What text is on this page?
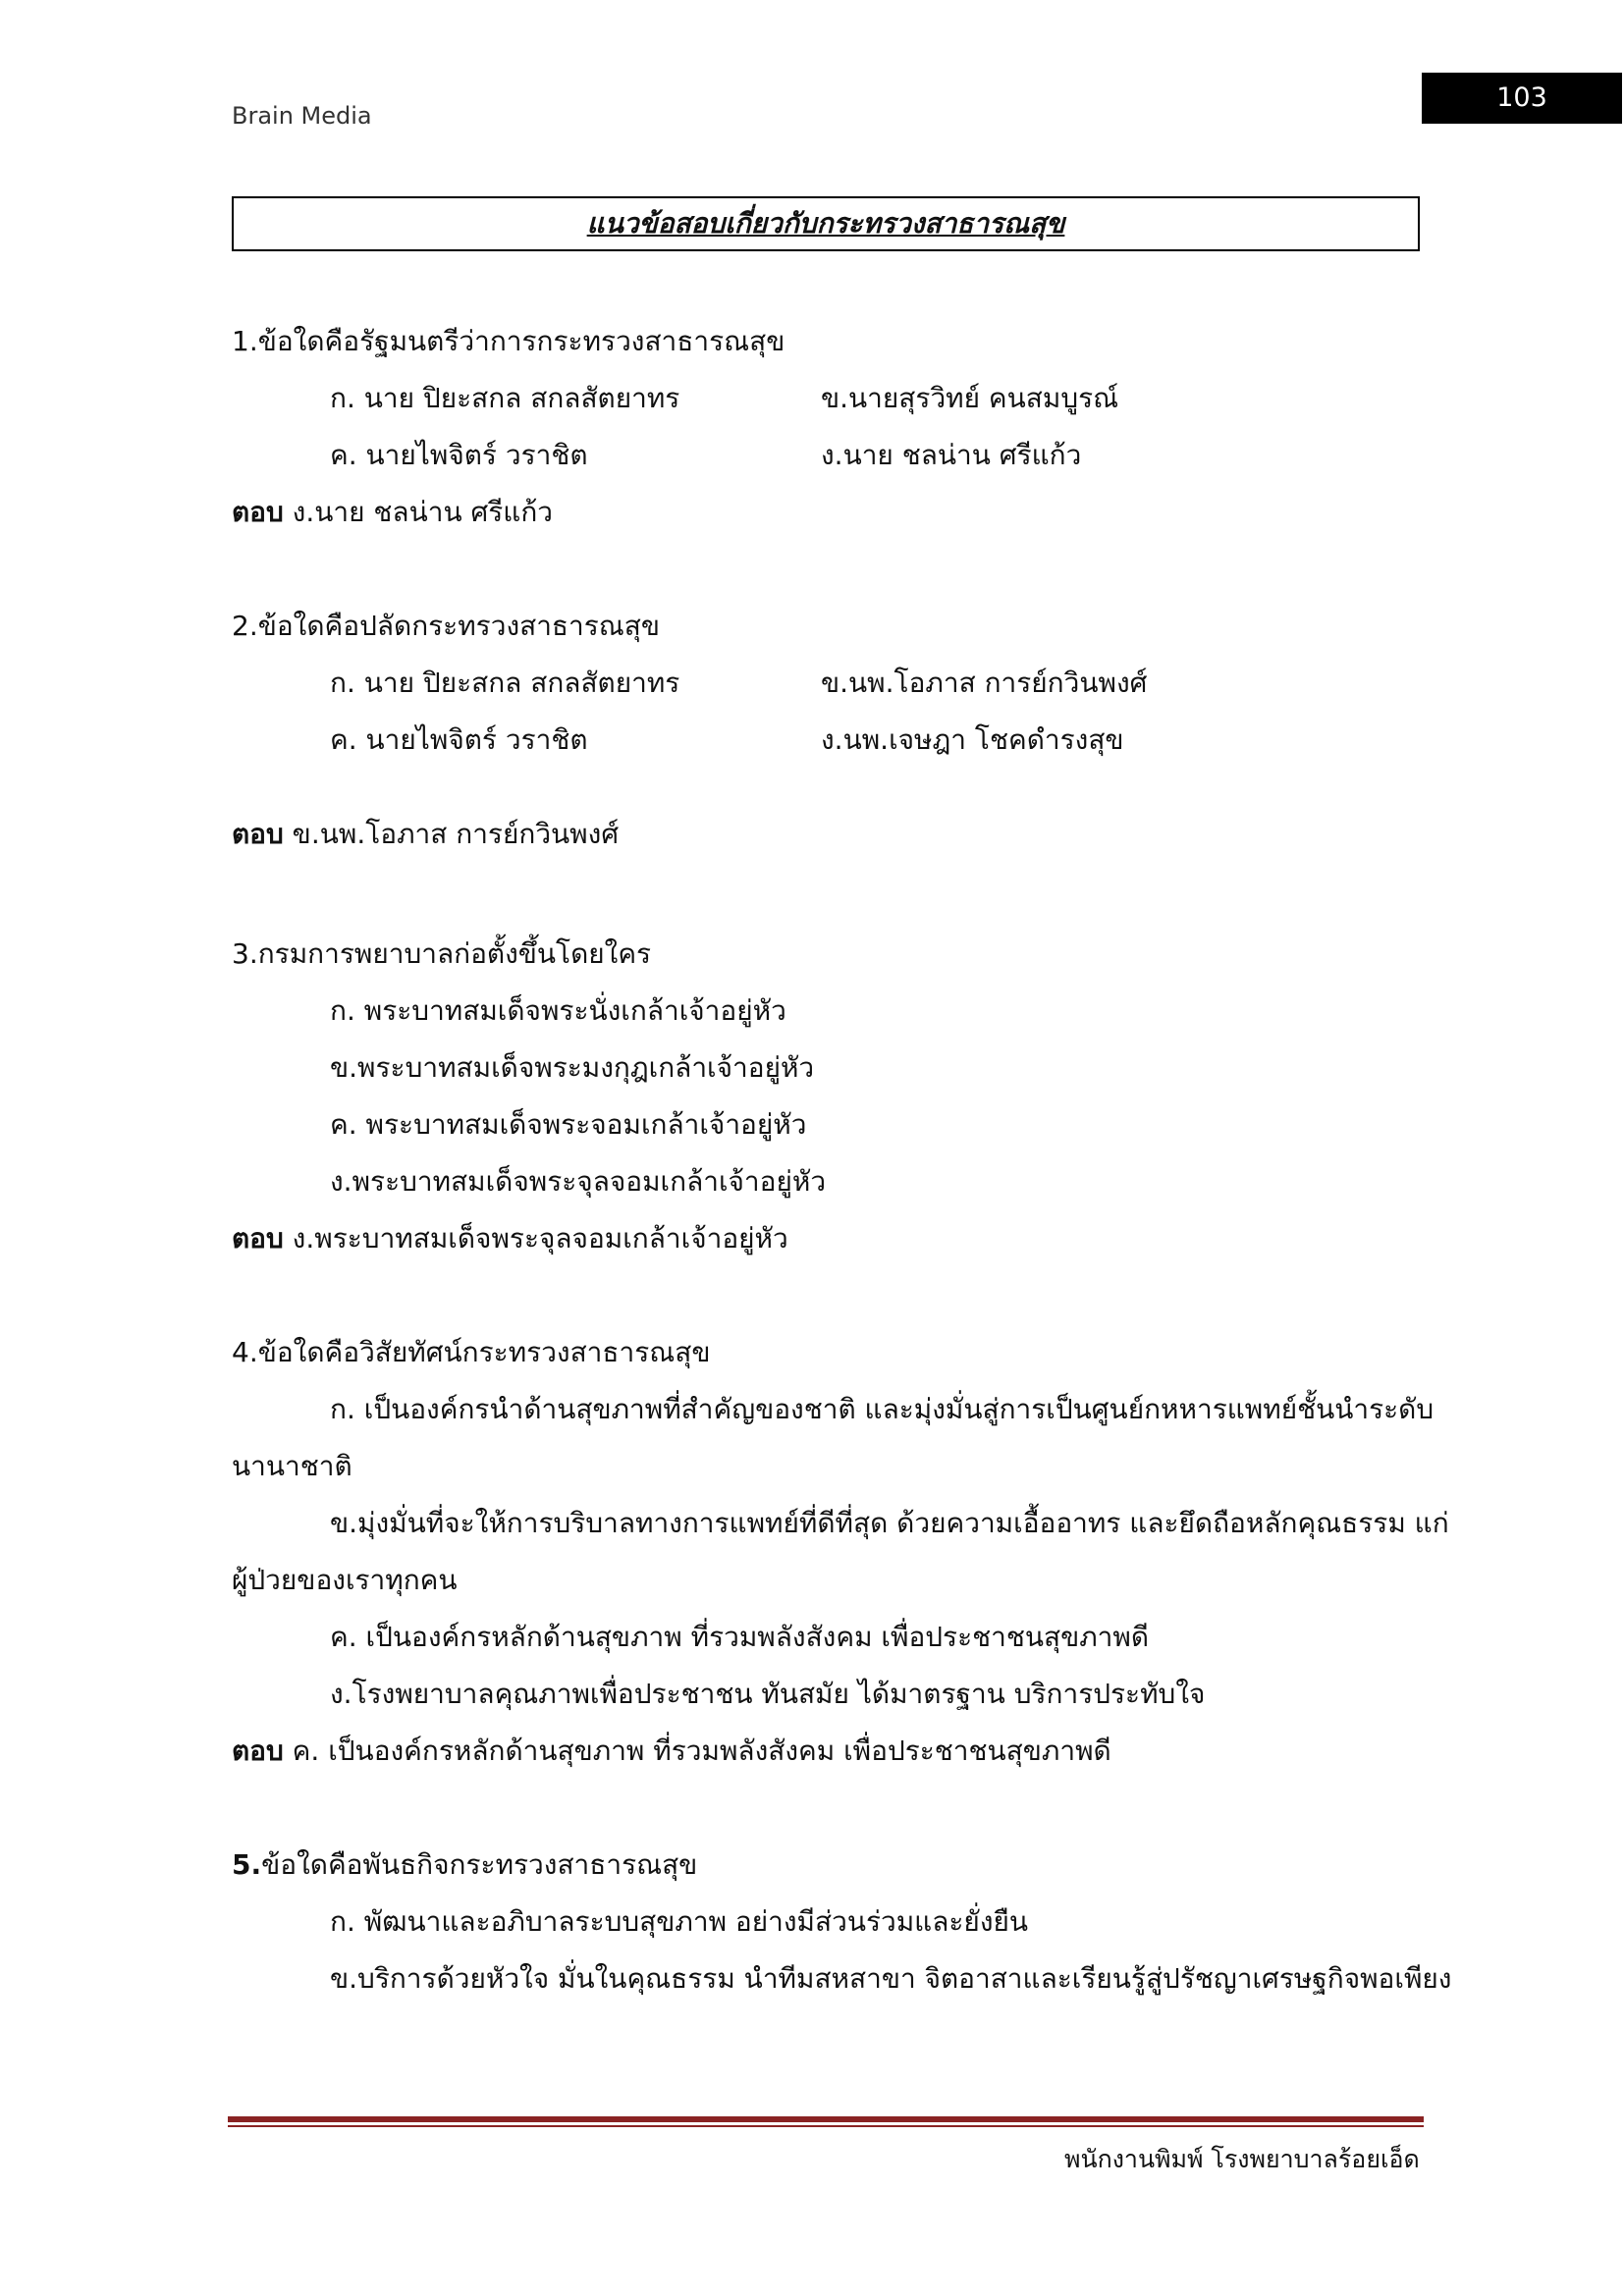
Brain Media
103
แนวข้อสอบเกี่ยวกับกระทรวงสาธารณสุข
1.ข้อใดคือรัฐมนตรีว่าการกระทรวงสาธารณสุข
ก. นาย ปิยะสกล สกลสัตยาทร	ข.นายสุรวิทย์ คนสมบูรณ์
ค. นายไพจิตร์ วราชิต	ง.นาย ชลน่าน ศรีแก้ว
ตอบ ง.นาย ชลน่าน ศรีแก้ว
2.ข้อใดคือปลัดกระทรวงสาธารณสุข
ก. นาย ปิยะสกล สกลสัตยาทร	ข.นพ.โอภาส การย์กวินพงศ์
ค. นายไพจิตร์ วราชิต	ง.นพ.เจษฎา โชคดำรงสุข
ตอบ ข.นพ.โอภาส การย์กวินพงศ์
3.กรมการพยาบาลก่อตั้งขึ้นโดยใคร
ก. พระบาทสมเด็จพระนั่งเกล้าเจ้าอยู่หัว
ข.พระบาทสมเด็จพระมงกุฎเกล้าเจ้าอยู่หัว
ค. พระบาทสมเด็จพระจอมเกล้าเจ้าอยู่หัว
ง.พระบาทสมเด็จพระจุลจอมเกล้าเจ้าอยู่หัว
ตอบ ง.พระบาทสมเด็จพระจุลจอมเกล้าเจ้าอยู่หัว
4.ข้อใดคือวิสัยทัศน์กระทรวงสาธารณสุข
ก. เป็นองค์กรนำด้านสุขภาพที่สำคัญของชาติ และมุ่งมั่นสู่การเป็นศูนย์กหหารแพทย์ชั้นนำระดับ
นานาชาติ
ข.มุ่งมั่นที่จะให้การบริบาลทางการแพทย์ที่ดีที่สุด ด้วยความเอื้ออาทร และยึดถือหลักคุณธรรม แก่
ผู้ป่วยของเราทุกคน
ค. เป็นองค์กรหลักด้านสุขภาพ ที่รวมพลังสังคม เพื่อประชาชนสุขภาพดี
ง.โรงพยาบาลคุณภาพเพื่อประชาชน ทันสมัย ได้มาตรฐาน บริการประทับใจ
ตอบ ค. เป็นองค์กรหลักด้านสุขภาพ ที่รวมพลังสังคม เพื่อประชาชนสุขภาพดี
5.ข้อใดคือพันธกิจกระทรวงสาธารณสุข
ก. พัฒนาและอภิบาลระบบสุขภาพ อย่างมีส่วนร่วมและยั่งยืน
ข.บริการด้วยหัวใจ มั่นในคุณธรรม นำทีมสหสาขา จิตอาสาและเรียนรู้สู่ปรัชญาเศรษฐกิจพอเพียง
พนักงานพิมพ์ โรงพยาบาลร้อยเอ็ด
